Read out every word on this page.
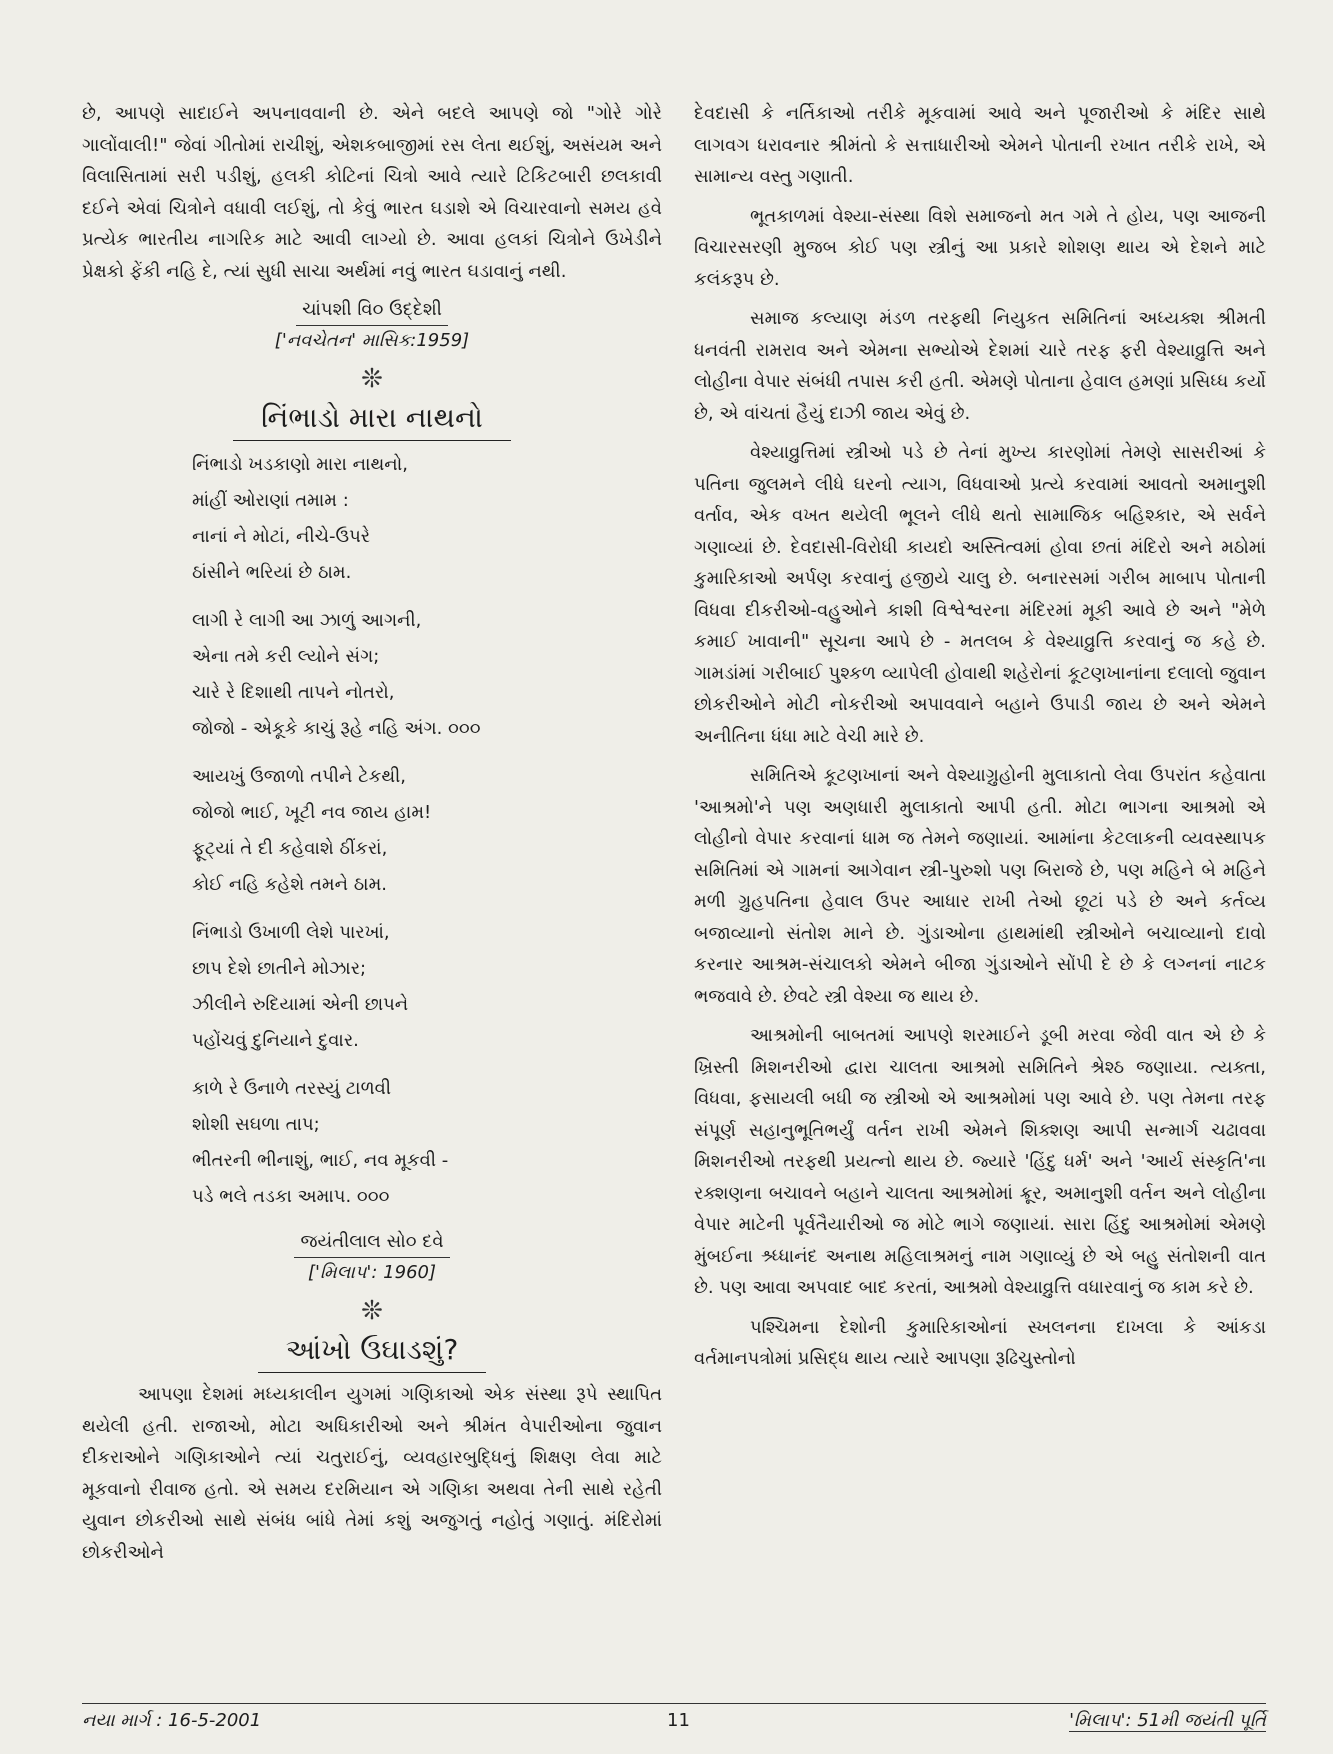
છે, આપણે સાદાઈને અપનાવવાની છે. એને બદલે આપણે જો "ગોરે ગોરે ગાલોંવાલી!" જેવાં ગીતોમાં રાચીશું, એશકબાજીમાં રસ લેતા થઈશું, અસંયમ અને વિલાસિતામાં સરી પડીશું, હલકી કોટિનાં ચિત્રો આવે ત્યારે ટિકિટબારી છલકાવી દઈને એવાં ચિત્રોને વધાવી લઈશું, તો કેવું ભારત ઘડાશે એ વિચારવાનો સમય હવે પ્રત્યેક ભારતીય નાગરિક માટે આવી લાગ્યો છે. આવા હલકાં ચિત્રોને ઉખેડીને પ્રેક્ષકો ફેંકી નહિ દે, ત્યાં સુધી સાચા અર્થમાં નવું ભારત ઘડાવાનું નથી.

ચાંપશી વિ૦ ઉદ્દેશી
['નવચેતન' માસિક:1959]
❊
નિંભાડો મારા નાથનો
નિંભાડો ખડકાણો મારા નાથનો,
માંહીં ઓરાણાં તમામ :
નાનાં ને મોટાં, નીચે-ઉપરે
ઠાંસીને ભરિયાં છે ઠામ.
લાગી રે લાગી આ ઝાળું આગની,
એના તમે કરી લ્યોને સંગ;
ચારે રે દિશાથી તાપને નોતરો,
જોજો - એકૂકે કાચું રૂહે નહિ અંગ. ૦૦૦
આયખું ઉજાળો તપીને ટેકથી,
જોજો ભાઈ, ખૂટી નવ જાય હામ!
ફૂટ્યાં તે દી કહેવાશે ઠીંકરાં,
કોઈ નહિ કહેશે તમને ઠામ.
નિંભાડો ઉખાળી લેશે પારખાં,
છાપ દેશે છાતીને મોઝાર;
ઝીલીને રુદિયામાં એની છાપને
પહોંચવું દુનિયાને દુવાર.
કાળે રે ઉનાળે તરસ્યું ટાળવી
શોશી સઘળા તાપ;
ભીતરની ભીનાશું, ભાઈ, નવ મૂકવી -
પડે ભલે તડકા અમાપ. ૦૦૦
જયંતીલાલ સો૦ દવે
['મિલાપ': 1960]
❊
આંખો ઉઘાડશું?

આપણા દેશમાં મધ્યકાલીન યુગમાં ગણિકાઓ એક સંસ્થા રૂપે સ્થાપિત થયેલી હતી. રાજાઓ, મોટા અધિકારીઓ અને શ્રીમંત વેપારીઓના જુવાન દીકરાઓને ગણિકાઓને ત્યાં ચતુરાઈનું, વ્યવહારબુદ્ધિનું શિક્ષણ લેવા માટે મૂકવાનો રીવાજ હતો. એ સમય દરમિયાન એ ગણિકા અથવા તેની સાથે રહેતી યુવાન છોકરીઓ સાથે સંબંધ બાંધે તેમાં કશું અજુગતું નહોતું ગણાતું. મંદિરોમાં છોકરીઓને

દેવદાસી કે નર્તિકાઓ તરીકે મૂકવામાં આવે અને પૂજારીઓ કે મંદિર સાથે લાગવગ ધરાવનાર શ્રીમંતો કે સત્તાધારીઓ એમને પોતાની રખાત તરીકે રાખે, એ સામાન્ય વસ્તુ ગણાતી.

ભૂતકાળમાં વેશ્યા-સંસ્થા વિશે સમાજનો મત ગમે તે હોય, પણ આજની વિચારસરણી મુજબ કોઈ પણ સ્ત્રીનું આ પ્રકારે શોશણ થાય એ દેશને માટે કલંકરૂપ છે.

સમાજ કલ્યાણ મંડળ તરફથી નિયુકત સમિતિનાં અધ્યક્શ શ્રીમતી ધનવંતી રામરાવ અને એમના સભ્યોએ દેશમાં ચારે તરફ ફરી વેશ્યાવ્રુત્તિ અને લોહીના વેપાર સંબંધી તપાસ કરી હતી. એમણે પોતાના હેવાલ હમણાં પ્રસિધ્ધ કર્યો છે, એ વાંચતાં હૈયું દાઝી જાય એવું છે.

વેશ્યાવ્રુત્તિમાં સ્ત્રીઓ પડે છે તેનાં મુખ્ય કારણોમાં તેમણે સાસરીઆં કે પતિના જુલમને લીધે ઘરનો ત્યાગ, વિધવાઓ પ્રત્યે કરવામાં આવતો અમાનુશી વર્તાવ, એક વખત થયેલી ભૂલને લીધે થતો સામાજિક બહિશ્કાર, એ સર્વને ગણાવ્યાં છે. દેવદાસી-વિરોધી કાયદો અસ્તિત્વમાં હોવા છતાં મંદિરો અને મઠોમાં કુમારિકાઓ અર્પણ કરવાનું હજીયે ચાલુ છે. બનારસમાં ગરીબ માબાપ પોતાની વિધવા દીકરીઓ-વહુઓને કાશી વિશ્વેશ્વરના મંદિરમાં મૂકી આવે છે અને "મેળે કમાઈ ખાવાની" સૂચના આપે છે - મતલબ કે વેશ્યાવ્રુત્તિ કરવાનું જ કહે છે. ગામડાંમાં ગરીબાઈ પુશ્કળ વ્યાપેલી હોવાથી શહેરોનાં કૂટણખાનાંના દલાલો જુવાન છોકરીઓને મોટી નોકરીઓ અપાવવાને બહાને ઉપાડી જાય છે અને એમને અનીતિના ધંધા માટે વેચી મારે છે.

સમિતિએ કૂટણખાનાં અને વેશ્યાગ્રુહોની મુલાકાતો લેવા ઉપરાંત કહેવાતા 'આશ્રમો'ને પણ અણધારી મુલાકાતો આપી હતી. મોટા ભાગના આશ્રમો એ લોહીનો વેપાર કરવાનાં ધામ જ તેમને જણાયાં. આમાંના કેટલાકની વ્યવસ્થાપક સમિતિમાં એ ગામનાં આગેવાન સ્ત્રી-પુરુશો પણ બિરાજે છે, પણ મહિને બે મહિને મળી ગ્રુહપતિના હેવાલ ઉપર આધાર રાખી તેઓ છૂટાં પડે છે અને કર્તવ્ય બજાવ્યાનો સંતોશ માને છે. ગુંડાઓના હાથમાંથી સ્ત્રીઓને બચાવ્યાનો દાવો કરનાર આશ્રમ-સંચાલકો એમને બીજા ગુંડાઓને સોંપી દે છે કે લગ્નનાં નાટક ભજવાવે છે. છેવટે સ્ત્રી વેશ્યા જ થાય છે.

આશ્રમોની બાબતમાં આપણે શરમાઈને ડૂબી મરવા જેવી વાત એ છે કે ખ્રિસ્તી મિશનરીઓ દ્વારા ચાલતા આશ્રમો સમિતિને શ્રેશ્ઠ જણાયા. ત્યક્તા, વિધવા, ફસાયલી બધી જ સ્ત્રીઓ એ આશ્રમોમાં પણ આવે છે. પણ તેમના તરફ સંપૂર્ણ સહાનુભૂતિભર્યું વર્તન રાખી એમને શિક્શણ આપી સન્માર્ગ ચઢાવવા મિશનરીઓ તરફથી પ્રયત્નો થાય છે. જ્યારે 'હિંદુ ધર્મ' અને 'આર્ય સંસ્કૃતિ'ના રક્શણના બચાવને બહાને ચાલતા આશ્રમોમાં ક્રૂર, અમાનુશી વર્તન અને લોહીના વેપાર માટેની પૂર્વતૈયારીઓ જ મોટે ભાગે જણાયાં. સારા હિંદુ આશ્રમોમાં એમણે મુંબઈના શ્ર્ધ્ધાનંદ અનાથ મહિલાશ્રમનું નામ ગણાવ્યું છે એ બહુ સંતોશની વાત છે. પણ આવા અપવાદ બાદ કરતાં, આશ્રમો વેશ્યાવ્રુત્તિ વધારવાનું જ કામ કરે છે.

પશ્ચિમના દેશોની કુમારિકાઓનાં સ્ખલનના દાખલા કે આંકડા વર્તમાનપત્રોમાં પ્રસિદ્ધ થાય ત્યારે આપણા રૂઢિચુસ્તોનો

નયા માર્ગ : 16-5-2001	11	'મિલાપ': 51મી જયંતી પૂર્તિ
